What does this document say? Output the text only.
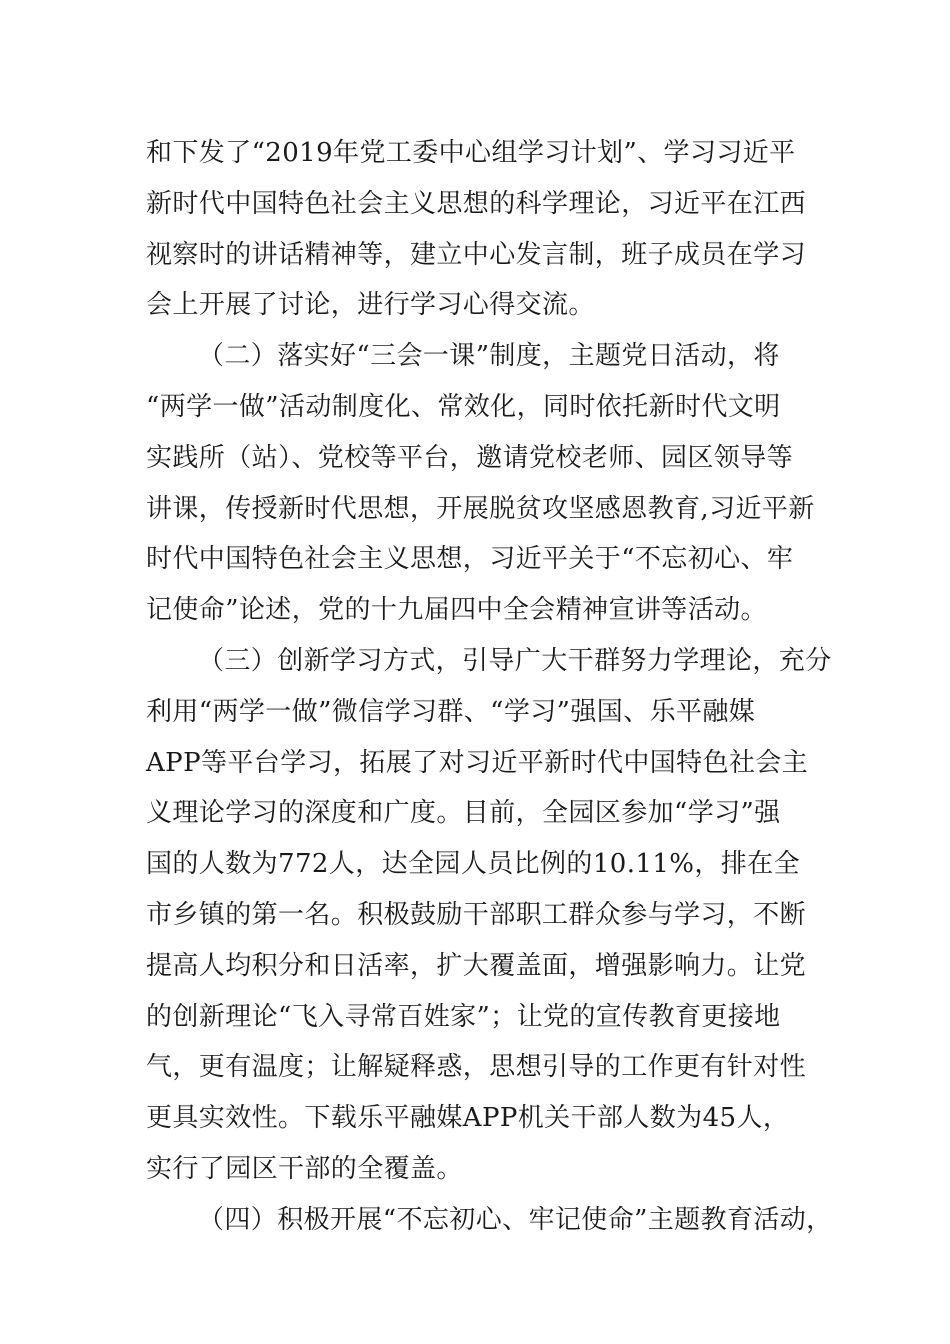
和下发了“2019年党工委中心组学习计划”、学习习近平
新时代中国特色社会主义思想的科学理论，习近平在江西
视察时的讲话精神等，建立中心发言制，班子成员在学习
会上开展了讨论，进行学习心得交流。
（二）落实好“三会一课”制度，主题党日活动，将
“两学一做”活动制度化、常效化，同时依托新时代文明
实践所（站）、党校等平台，邀请党校老师、园区领导等
讲课，传授新时代思想，开展脱贫攻坚感恩教育,习近平新
时代中国特色社会主义思想，习近平关于“不忘初心、牢
记使命”论述，党的十九届四中全会精神宣讲等活动。
（三）创新学习方式，引导广大干群努力学理论，充分
利用“两学一做”微信学习群、“学习”强国、乐平融媒
APP等平台学习，拓展了对习近平新时代中国特色社会主
义理论学习的深度和广度。目前，全园区参加“学习”强
国的人数为772人，达全园人员比例的10.11%，排在全
市乡镇的第一名。积极鼓励干部职工群众参与学习，不断
提高人均积分和日活率，扩大覆盖面，增强影响力。让党
的创新理论“飞入寻常百姓家”；让党的宣传教育更接地
气，更有温度；让解疑释惑，思想引导的工作更有针对性
更具实效性。下载乐平融媒APP机关干部人数为45人，
实行了园区干部的全覆盖。
（四）积极开展“不忘初心、牢记使命”主题教育活动，
